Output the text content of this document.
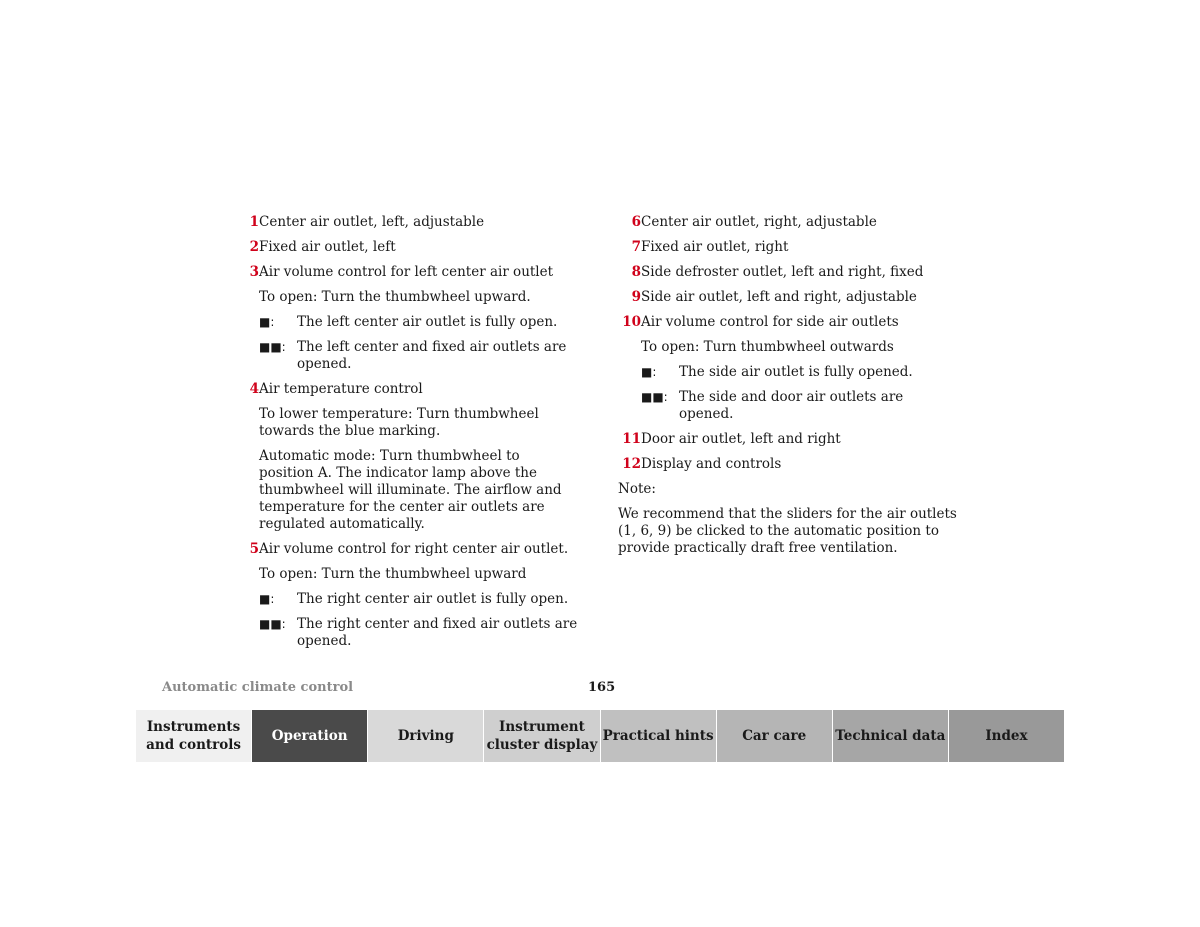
1 Center air outlet, left, adjustable
2 Fixed air outlet, left
3 Air volume control for left center air outlet
To open: Turn the thumbwheel upward.
■:	The left center air outlet is fully open.
■■: The left center and fixed air outlets are opened.
4 Air temperature control
To lower temperature: Turn thumbwheel towards the blue marking.
Automatic mode: Turn thumbwheel to position A. The indicator lamp above the thumbwheel will illuminate. The airflow and temperature for the center air outlets are regulated automatically.
5 Air volume control for right center air outlet.
To open: Turn the thumbwheel upward
■:	The right center air outlet is fully open.
■■: The right center and fixed air outlets are opened.
6 Center air outlet, right, adjustable
7 Fixed air outlet, right
8 Side defroster outlet, left and right, fixed
9 Side air outlet, left and right, adjustable
10 Air volume control for side air outlets
To open: Turn thumbwheel outwards
■:	The side air outlet is fully opened.
■■: The side and door air outlets are opened.
11 Door air outlet, left and right
12 Display and controls
Note:
We recommend that the sliders for the air outlets (1, 6, 9) be clicked to the automatic position to provide practically draft free ventilation.
Automatic climate control	165
Instruments and controls
Operation	Driving
Instrument cluster display
Practical hints	Car care	Technical data	Index
